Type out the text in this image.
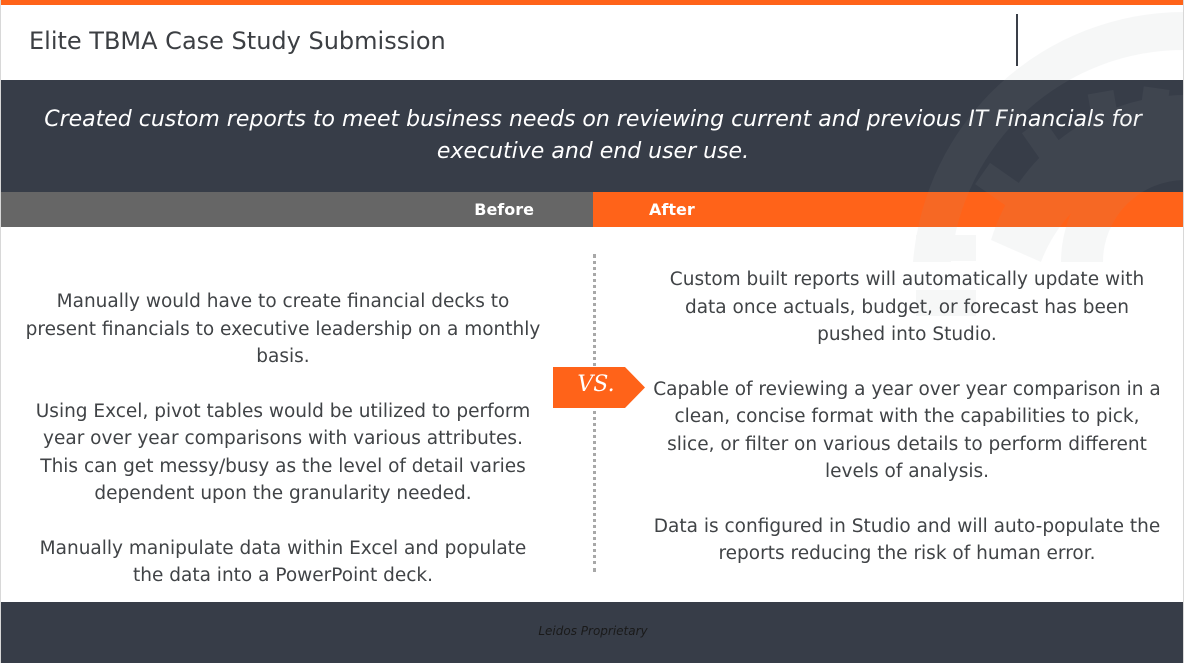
Elite TBMA Case Study Submission
Created custom reports to meet business needs on reviewing current and previous IT Financials for executive and end user use.
Before	After

Manually would have to create financial decks to present financials to executive leadership on a monthly basis.

Using Excel, pivot tables would be utilized to perform year over year comparisons with various attributes. This can get messy/busy as the level of detail varies dependent upon the granularity needed.

Manually manipulate data within Excel and populate the data into a PowerPoint deck.

VS.

Custom built reports will automatically update with data once actuals, budget, or forecast has been pushed into Studio.

Capable of reviewing a year over year comparison in a clean, concise format with the capabilities to pick, slice, or filter on various details to perform different levels of analysis.

Data is configured in Studio and will auto-populate the reports reducing the risk of human error.

Leidos Proprietary
